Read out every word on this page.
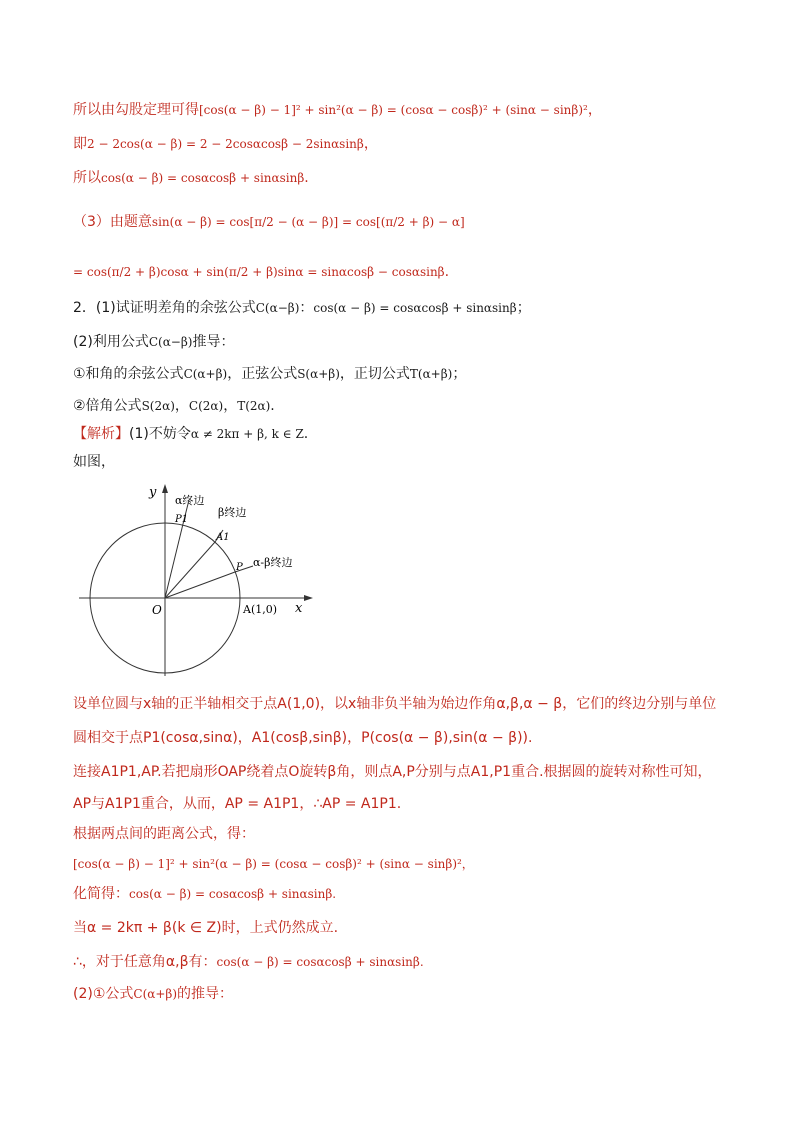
所以由勾股定理可得[cos(α − β) − 1]² + sin²(α − β) = (cosα − cosβ)² + (sinα − sinβ)²，
即2 − 2cos(α − β) = 2 − 2cosαcosβ − 2sinαsinβ，
所以cos(α − β) = cosαcosβ + sinαsinβ.
（3）由题意sin(α − β) = cos[π/2 − (α − β)] = cos[(π/2 + β) − α]
= cos(π/2 + β)cosα + sin(π/2 + β)sinα = sinαcosβ − cosαsinβ.
2．(1)试证明差角的余弦公式C(α−β)：cos(α − β) = cosαcosβ + sinαsinβ；
(2)利用公式C(α−β)推导：
①和角的余弦公式C(α+β)，正弦公式S(α+β)，正切公式T(α+β)；
②倍角公式S(2α)，C(2α)，T(2α).
【解析】(1)不妨令α ≠ 2kπ + β, k ∈ Z.
如图，
y
x
O	A(1,0)
P1
A1
P
α终边
β终边
α-β终边
设单位圆与x轴的正半轴相交于点A(1,0)，以x轴非负半轴为始边作角α,β,α − β，它们的终边分别与单位
圆相交于点P1(cosα,sinα)，A1(cosβ,sinβ)，P(cos(α − β),sin(α − β)).
连接A1P1,AP.若把扇形OAP绕着点O旋转β角，则点A,P分别与点A1,P1重合.根据圆的旋转对称性可知，
AP与A1P1重合，从而，AP = A1P1，∴AP = A1P1.
根据两点间的距离公式，得：
[cos(α − β) − 1]² + sin²(α − β) = (cosα − cosβ)² + (sinα − sinβ)²，
化简得：cos(α − β) = cosαcosβ + sinαsinβ.
当α = 2kπ + β(k ∈ Z)时，上式仍然成立.
∴，对于任意角α,β有：cos(α − β) = cosαcosβ + sinαsinβ.
(2)①公式C(α+β)的推导：
